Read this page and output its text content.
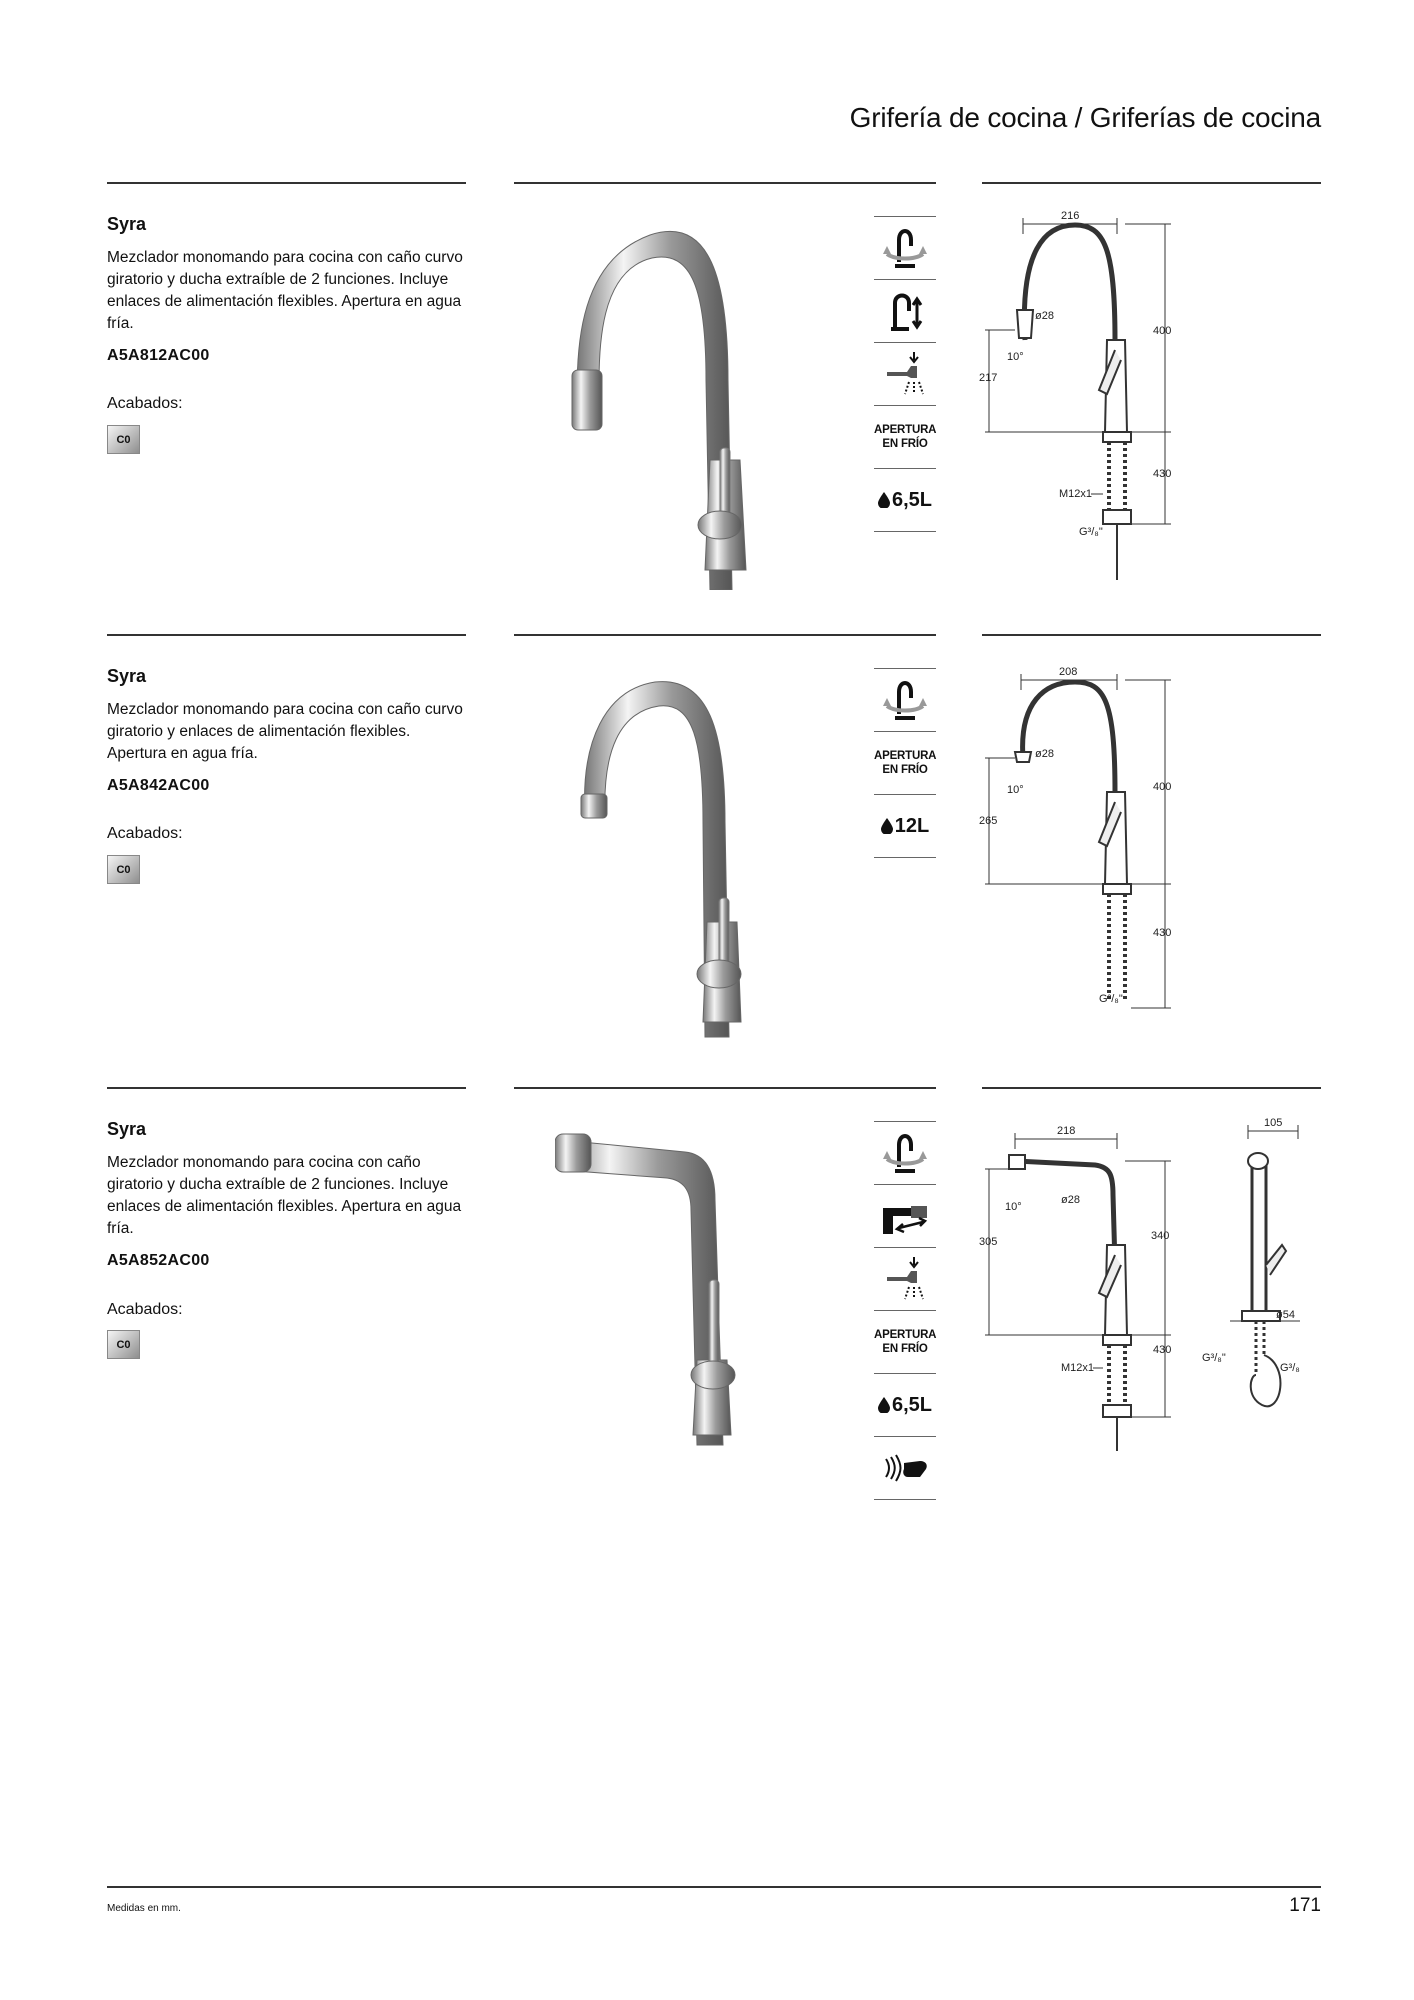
Grifería de cocina / Griferías de cocina
Syra
Mezclador monomando para cocina con caño curvo giratorio y ducha extraíble de 2 funciones. Incluye enlaces de alimentación flexibles. Apertura en agua fría.
A5A812AC00
Acabados:
C0
APERTURA EN FRÍO
6,5L
216
400
217
10°
ø28
430
M12x1
G³/₈"
Syra
Mezclador monomando para cocina con caño curvo giratorio y enlaces de alimentación flexibles. Apertura en agua fría.
A5A842AC00
Acabados:
C0
APERTURA EN FRÍO
12L
208
400
265
10°
ø28
430
G³/₈"
Syra
Mezclador monomando para cocina con caño giratorio y ducha extraíble de 2 funciones. Incluye enlaces de alimentación flexibles. Apertura en agua fría.
A5A852AC00
Acabados:
C0
APERTURA EN FRÍO
6,5L
218
340
305
10°
ø28
430
M12x1
105
ø54
G³/₈"
G³/₈
Medidas en mm.	171
